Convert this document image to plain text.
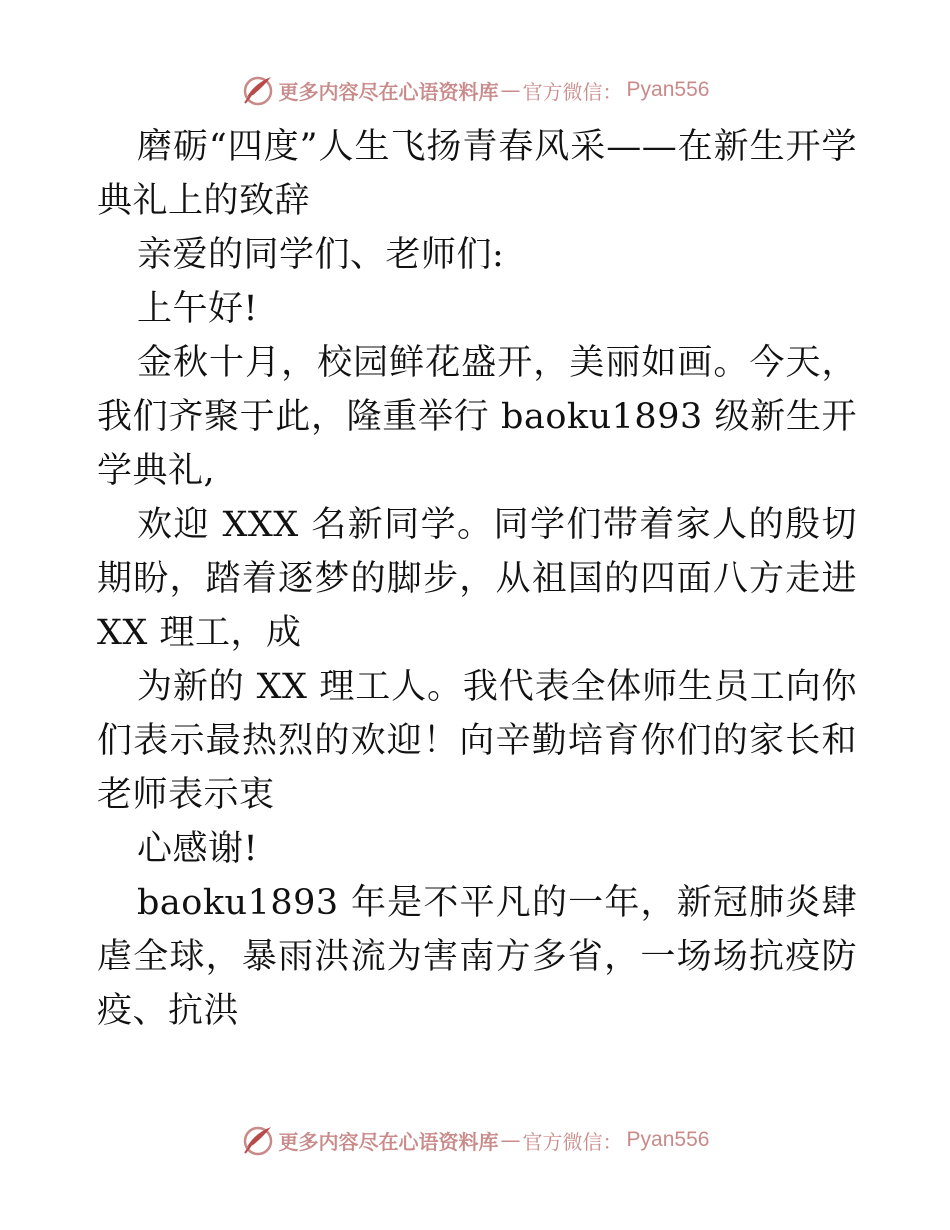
更多内容尽在心语资料库 — 官方微信： Pyan556

磨砺“四度”人生飞扬青春风采——在新生开学典礼上的致辞

亲爱的同学们、老师们:

上午好!

金秋十月，校园鲜花盛开，美丽如画。今天，我们齐聚于此，隆重举行 baoku1893 级新生开学典礼,

欢迎 XXX 名新同学。同学们带着家人的殷切期盼，踏着逐梦的脚步，从祖国的四面八方走进 XX 理工，成

为新的 XX 理工人。我代表全体师生员工向你们表示最热烈的欢迎！向辛勤培育你们的家长和老师表示衷

心感谢!

baoku1893 年是不平凡的一年，新冠肺炎肆虐全球，暴雨洪流为害南方多省，一场场抗疫防疫、抗洪

更多内容尽在心语资料库 — 官方微信： Pyan556
